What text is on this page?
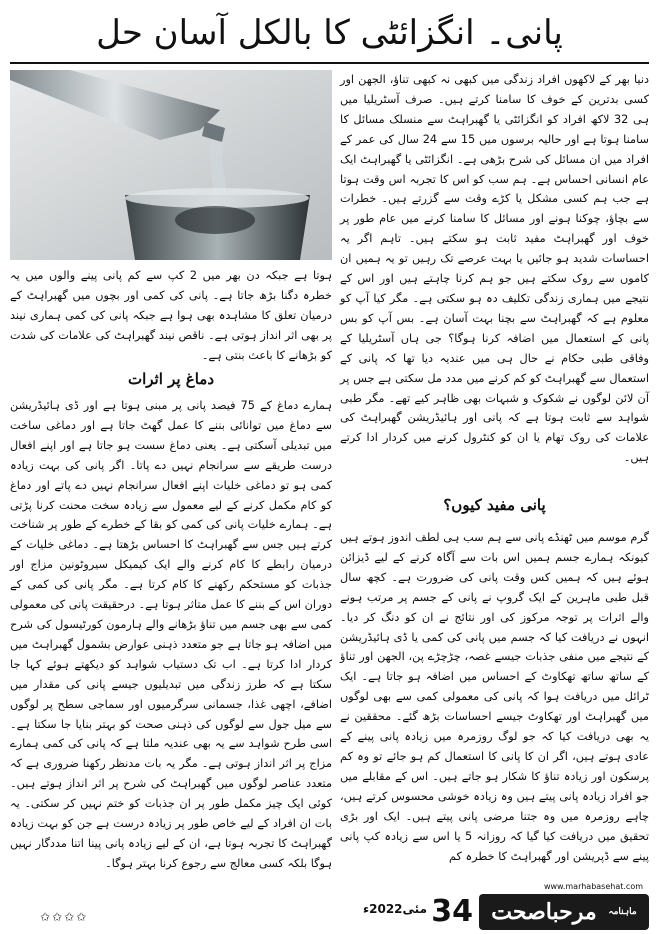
پانی۔ انگزائٹی کا بالکل آسان حل

دنیا بھر کے لاکھوں افراد زندگی میں کبھی نہ کبھی تناؤ، الجھن اور کسی بدترین کے خوف کا سامنا کرتے ہیں۔ صرف آسٹریلیا میں ہی 32 لاکھ افراد کو انگزائٹی یا گھبراہٹ سے منسلک مسائل کا سامنا ہوتا ہے اور حالیہ برسوں میں 15 سے 24 سال کی عمر کے افراد میں ان مسائل کی شرح بڑھی ہے۔ انگزائٹی یا گھبراہٹ ایک عام انسانی احساس ہے۔ ہم سب کو اس کا تجربہ اس وقت ہوتا ہے جب ہم کسی مشکل یا کڑے وقت سے گزرتے ہیں۔ خطرات سے بچاؤ، چوکنا ہونے اور مسائل کا سامنا کرنے میں عام طور پر خوف اور گھبراہٹ مفید ثابت ہو سکتے ہیں۔ تاہم اگر یہ احساسات شدید ہو جائیں یا بہت عرصے تک رہیں تو یہ ہمیں ان کاموں سے روک سکتے ہیں جو ہم کرنا چاہتے ہیں اور اس کے نتیجے میں ہماری زندگی تکلیف دہ ہو سکتی ہے۔ مگر کیا آپ کو معلوم ہے کہ گھبراہٹ سے بچنا بہت آسان ہے۔ بس آپ کو بس پانی کے استعمال میں اضافہ کرنا ہوگا؟ جی ہاں آسٹریلیا کے وفاقی طبی حکام نے حال ہی میں عندیہ دیا تھا کہ پانی کے استعمال سے گھبراہٹ کو کم کرنے میں مدد مل سکتی ہے جس پر آن لائن لوگوں نے شکوک و شبہات بھی ظاہر کیے تھے۔ مگر طبی شواہد سے ثابت ہوتا ہے کہ پانی اور ہائیڈریشن گھبراہٹ کی علامات کی روک تھام یا ان کو کنٹرول کرنے میں کردار ادا کرتے ہیں۔

ہوتا ہے جبکہ دن بھر میں 2 کپ سے کم پانی پینے والوں میں یہ خطرہ دگنا بڑھ جاتا ہے۔ پانی کی کمی اور بچوں میں گھبراہٹ کے درمیان تعلق کا مشاہدہ بھی ہوا ہے جبکہ پانی کی کمی ہماری نیند پر بھی اثر انداز ہوتی ہے۔ ناقص نیند گھبراہٹ کی علامات کی شدت کو بڑھانے کا باعث بنتی ہے۔

دماغ پر اثرات

ہمارے دماغ کے 75 فیصد پانی پر مبنی ہوتا ہے اور ڈی ہائیڈریشن سے دماغ میں توانائی بننے کا عمل گھٹ جاتا ہے اور دماغی ساخت میں تبدیلی آسکتی ہے۔ یعنی دماغ سست ہو جاتا ہے اور اپنے افعال درست طریقے سے سرانجام نہیں دے پاتا۔ اگر پانی کی بہت زیادہ کمی ہو تو دماغی خلیات اپنے افعال سرانجام نہیں دے پاتے اور دماغ کو کام مکمل کرنے کے لیے معمول سے زیادہ سخت محنت کرنا پڑتی ہے۔ ہمارے خلیات پانی کی کمی کو بقا کے خطرے کے طور پر شناخت کرتے ہیں جس سے گھبراہٹ کا احساس بڑھتا ہے۔ دماغی خلیات کے درمیان رابطے کا کام کرنے والے ایک کیمیکل سیروٹونین مزاج اور جذبات کو مستحکم رکھنے کا کام کرتا ہے۔ مگر پانی کی کمی کے دوران اس کے بننے کا عمل متاثر ہوتا ہے۔ درحقیقت پانی کی معمولی کمی سے بھی جسم میں تناؤ بڑھانے والے ہارمون کورٹیسول کی شرح میں اضافہ ہو جاتا ہے جو متعدد ذہنی عوارض بشمول گھبراہٹ میں کردار ادا کرتا ہے۔ اب تک دستیاب شواہد کو دیکھتے ہوئے کہا جا سکتا ہے کہ طرز زندگی میں تبدیلیوں جیسے پانی کی مقدار میں اضافے، اچھی غذا، جسمانی سرگرمیوں اور سماجی سطح پر لوگوں سے میل جول سے لوگوں کی ذہنی صحت کو بہتر بنایا جا سکتا ہے۔ اسی طرح شواہد سے یہ بھی عندیہ ملتا ہے کہ پانی کی کمی ہمارے مزاج پر اثر انداز ہوتی ہے۔ مگر یہ بات مدنظر رکھنا ضروری ہے کہ متعدد عناصر لوگوں میں گھبراہٹ کی شرح پر اثر انداز ہوتے ہیں۔ کوئی ایک چیز مکمل طور پر ان جذبات کو ختم نہیں کر سکتی۔ یہ بات ان افراد کے لیے خاص طور پر زیادہ درست ہے جن کو بہت زیادہ گھبراہٹ کا تجربہ ہوتا ہے، ان کے لیے زیادہ پانی پینا اتنا مددگار نہیں ہوگا بلکہ کسی معالج سے رجوع کرنا بہتر ہوگا۔

✩✩✩✩
پانی مفید کیوں؟

گرم موسم میں ٹھنڈے پانی سے ہم سب ہی لطف اندوز ہوتے ہیں کیونکہ ہمارے جسم ہمیں اس بات سے آگاہ کرنے کے لیے ڈیزائن ہوئے ہیں کہ ہمیں کس وقت پانی کی ضرورت ہے۔ کچھ سال قبل طبی ماہرین کے ایک گروپ نے پانی کے جسم پر مرتب ہونے والے اثرات پر توجہ مرکوز کی اور نتائج نے ان کو دنگ کر دیا۔ انہوں نے دریافت کیا کہ جسم میں پانی کی کمی یا ڈی ہائیڈریشن کے نتیجے میں منفی جذبات جیسے غصہ، چڑچڑے پن، الجھن اور تناؤ کے ساتھ ساتھ تھکاوٹ کے احساس میں اضافہ ہو جاتا ہے۔ ایک ٹرائل میں دریافت ہوا کہ پانی کی معمولی کمی سے بھی لوگوں میں گھبراہٹ اور تھکاوٹ جیسے احساسات بڑھ گئے۔ محققین نے یہ بھی دریافت کیا کہ جو لوگ روزمرہ میں زیادہ پانی پینے کے عادی ہوتے ہیں، اگر ان کا پانی کا استعمال کم ہو جائے تو وہ کم پرسکون اور زیادہ تناؤ کا شکار ہو جاتے ہیں۔ اس کے مقابلے میں جو افراد زیادہ پانی پیتے ہیں وہ زیادہ خوشی محسوس کرتے ہیں، چاہے روزمرہ میں وہ جتنا مرضی پانی پیتے ہیں۔ ایک اور بڑی تحقیق میں دریافت کیا گیا کہ روزانہ 5 یا اس سے زیادہ کپ پانی پینے سے ڈپریشن اور گھبراہٹ کا خطرہ کم

www.marhabasehat.com
$^{ماہنامہ}$ مرحباصحت
34
مئی2022ء
